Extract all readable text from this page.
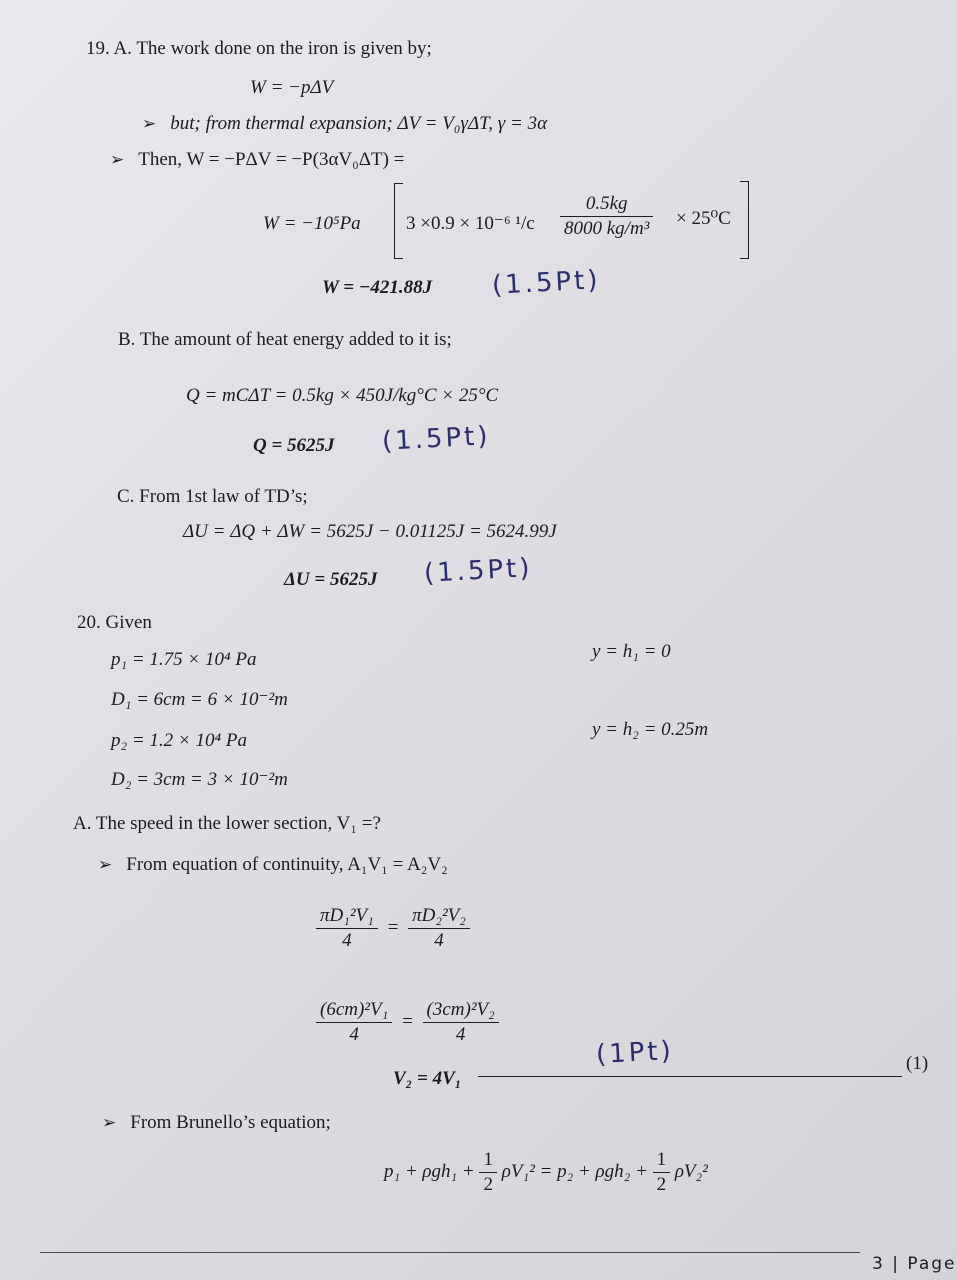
19. A. The work done on the iron is given by;
W = −pΔV
➢ but; from thermal expansion; ΔV = V₀γΔT, γ = 3α
➢ Then, W = −PΔV = −P(3αV₀ΔT) =
W = −10⁵Pa 3 ×0.9 × 10⁻⁶ $^1/c \frac{0.5kg}{\text{8000 kg/m³}} \times 25^0C$
W = −421.88J (1.5Pt)
B. The amount of heat energy added to it is;
Q = mCΔT = 0.5kg × 450J/kg°C × 25°C
Q = 5625J (1.5Pt)
C. From 1st law of TD’s;
ΔU = ΔQ + ΔW = 5625J − 0.01125J = 5624.99J
ΔU = 5625J (1.5Pt)
20. Given
p₁ = 1.75 × 10⁴ Pa	y = h₁ = 0
D₁ = 6cm = 6 × 10⁻²m
p₂ = 1.2 × 10⁴ Pa
y = h₂ = 0.25m
D₂ = 3cm = 3 × 10⁻²m
A. The speed in the lower section, V₁ =?
➢ From equation of continuity, A₁V₁ = A₂V₂
$\frac{\text{πD₁²V₁}}{4} = \frac{\text{πD₂²V₂}}{4}$
$\frac{\text{(6cm)²V₁}}{4} = \frac{\text{(3cm)²V₂}}{4}$
V₂ = 4V₁
(1Pt)	(1)
➢ From Brunello’s equation;
$p_1 + \rho gh_1 + \frac{1}{2} \rho V_1^2 = p_2 + \rho gh_2 + \frac{1}{2} \rho V_2^2$
3 | Page
